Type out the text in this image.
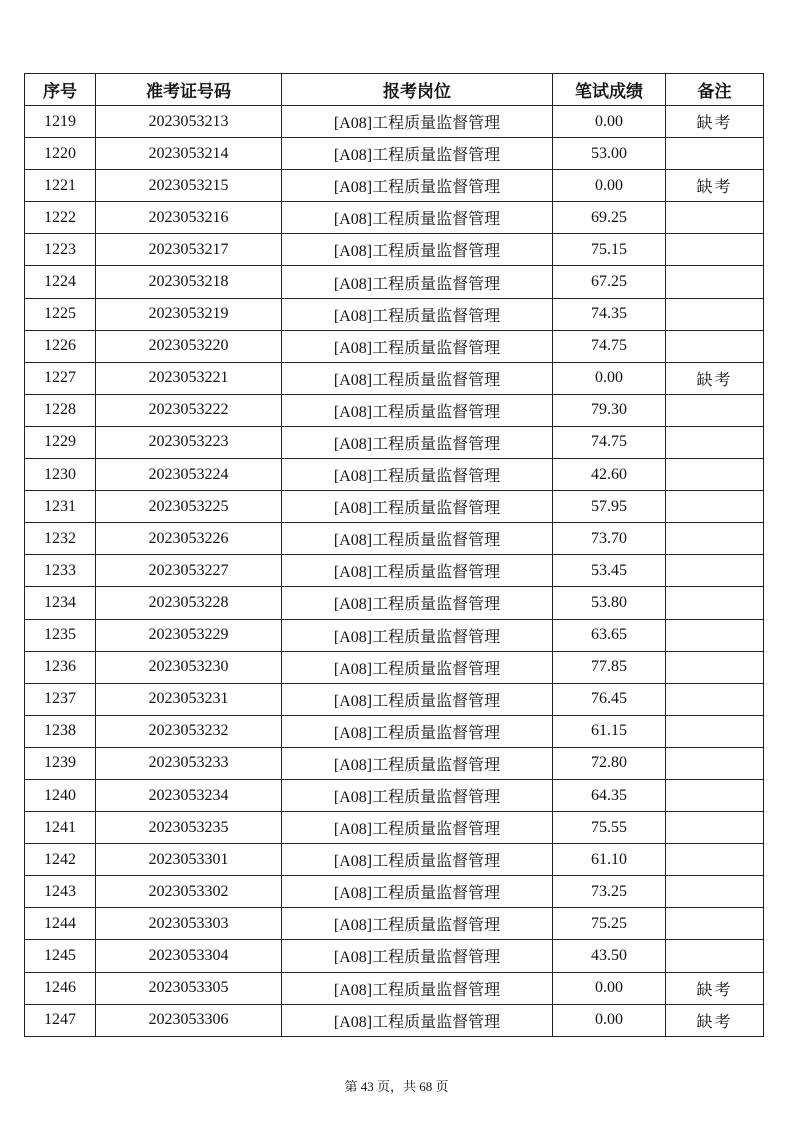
序号	准考证号码	报考岗位	笔试成绩	备注
1219	2023053213	[A08]工程质量监督管理	0.00	缺考
1220	2023053214	[A08]工程质量监督管理	53.00	
1221	2023053215	[A08]工程质量监督管理	0.00	缺考
1222	2023053216	[A08]工程质量监督管理	69.25	
1223	2023053217	[A08]工程质量监督管理	75.15	
1224	2023053218	[A08]工程质量监督管理	67.25	
1225	2023053219	[A08]工程质量监督管理	74.35	
1226	2023053220	[A08]工程质量监督管理	74.75	
1227	2023053221	[A08]工程质量监督管理	0.00	缺考
1228	2023053222	[A08]工程质量监督管理	79.30	
1229	2023053223	[A08]工程质量监督管理	74.75	
1230	2023053224	[A08]工程质量监督管理	42.60	
1231	2023053225	[A08]工程质量监督管理	57.95	
1232	2023053226	[A08]工程质量监督管理	73.70	
1233	2023053227	[A08]工程质量监督管理	53.45	
1234	2023053228	[A08]工程质量监督管理	53.80	
1235	2023053229	[A08]工程质量监督管理	63.65	
1236	2023053230	[A08]工程质量监督管理	77.85	
1237	2023053231	[A08]工程质量监督管理	76.45	
1238	2023053232	[A08]工程质量监督管理	61.15	
1239	2023053233	[A08]工程质量监督管理	72.80	
1240	2023053234	[A08]工程质量监督管理	64.35	
1241	2023053235	[A08]工程质量监督管理	75.55	
1242	2023053301	[A08]工程质量监督管理	61.10	
1243	2023053302	[A08]工程质量监督管理	73.25	
1244	2023053303	[A08]工程质量监督管理	75.25	
1245	2023053304	[A08]工程质量监督管理	43.50	
1246	2023053305	[A08]工程质量监督管理	0.00	缺考
1247	2023053306	[A08]工程质量监督管理	0.00	缺考
第 43 页，共 68 页
